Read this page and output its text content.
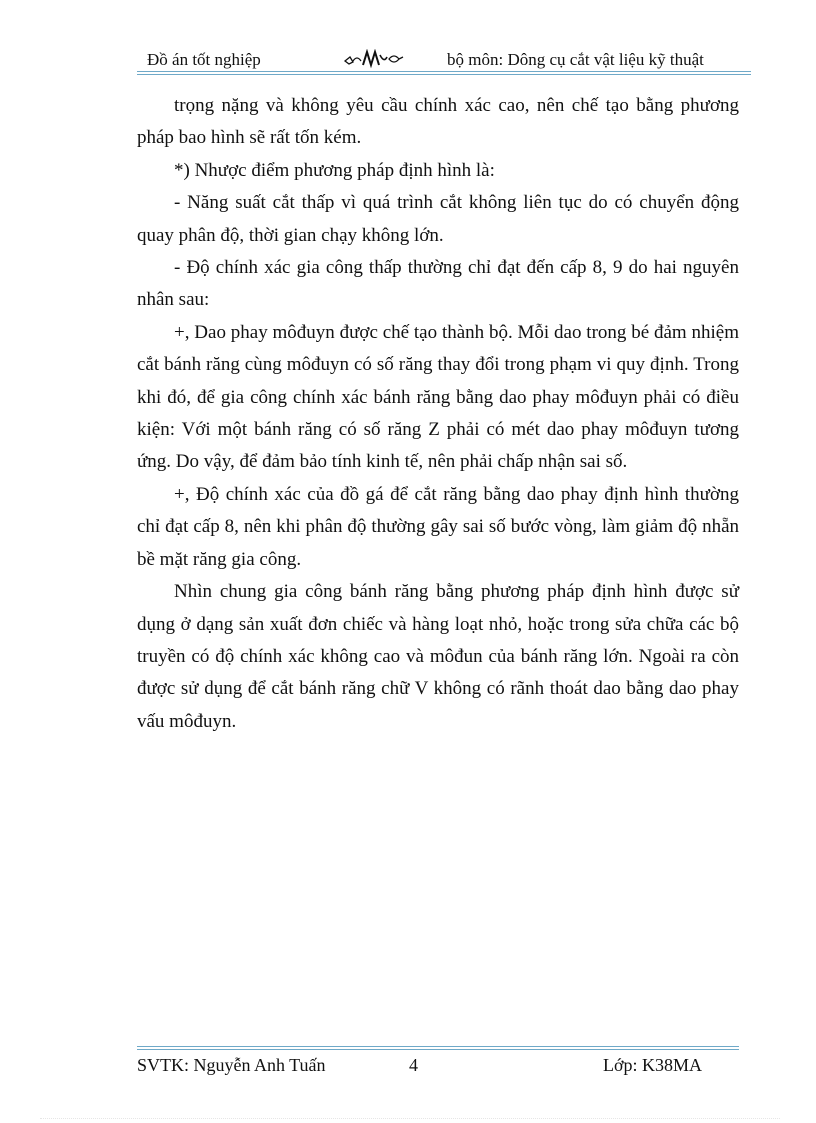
Đồ án tốt nghiệp	bộ môn: Dông cụ cắt vật liệu kỹ thuật

trọng nặng và không yêu cầu chính xác cao, nên chế tạo bằng phương pháp bao hình sẽ rất tốn kém.

*) Nhược điểm phương pháp định hình là:

- Năng suất cắt thấp vì quá trình cắt không liên tục do có chuyển động quay phân độ, thời gian chạy không lớn.

- Độ chính xác gia công thấp thường chỉ đạt đến cấp 8, 9 do hai nguyên nhân sau:

+, Dao phay môđuyn được chế tạo thành bộ. Mỗi dao trong bé đảm nhiệm cắt bánh răng cùng môđuyn có số răng thay đổi trong phạm vi quy định. Trong khi đó, để gia công chính xác bánh răng bằng dao phay môđuyn phải có điều kiện: Với một bánh răng có số răng Z phải có mét dao phay môđuyn tương ứng. Do vậy, để đảm bảo tính kinh tế, nên phải chấp nhận sai số.

+, Độ chính xác của đồ gá để cắt răng bằng dao phay định hình thường chỉ đạt cấp 8, nên khi phân độ thường gây sai số bước vòng, làm giảm độ nhẵn bề mặt răng gia công.

Nhìn chung gia công bánh răng bằng phương pháp định hình được sử dụng ở dạng sản xuất đơn chiếc và hàng loạt nhỏ, hoặc trong sửa chữa các bộ truyền có độ chính xác không cao và môđun của bánh răng lớn. Ngoài ra còn được sử dụng để cắt bánh răng chữ V không có rãnh thoát dao bằng dao phay vấu môđuyn.

SVTK: Nguyễn Anh Tuấn	4	Lớp: K38MA
